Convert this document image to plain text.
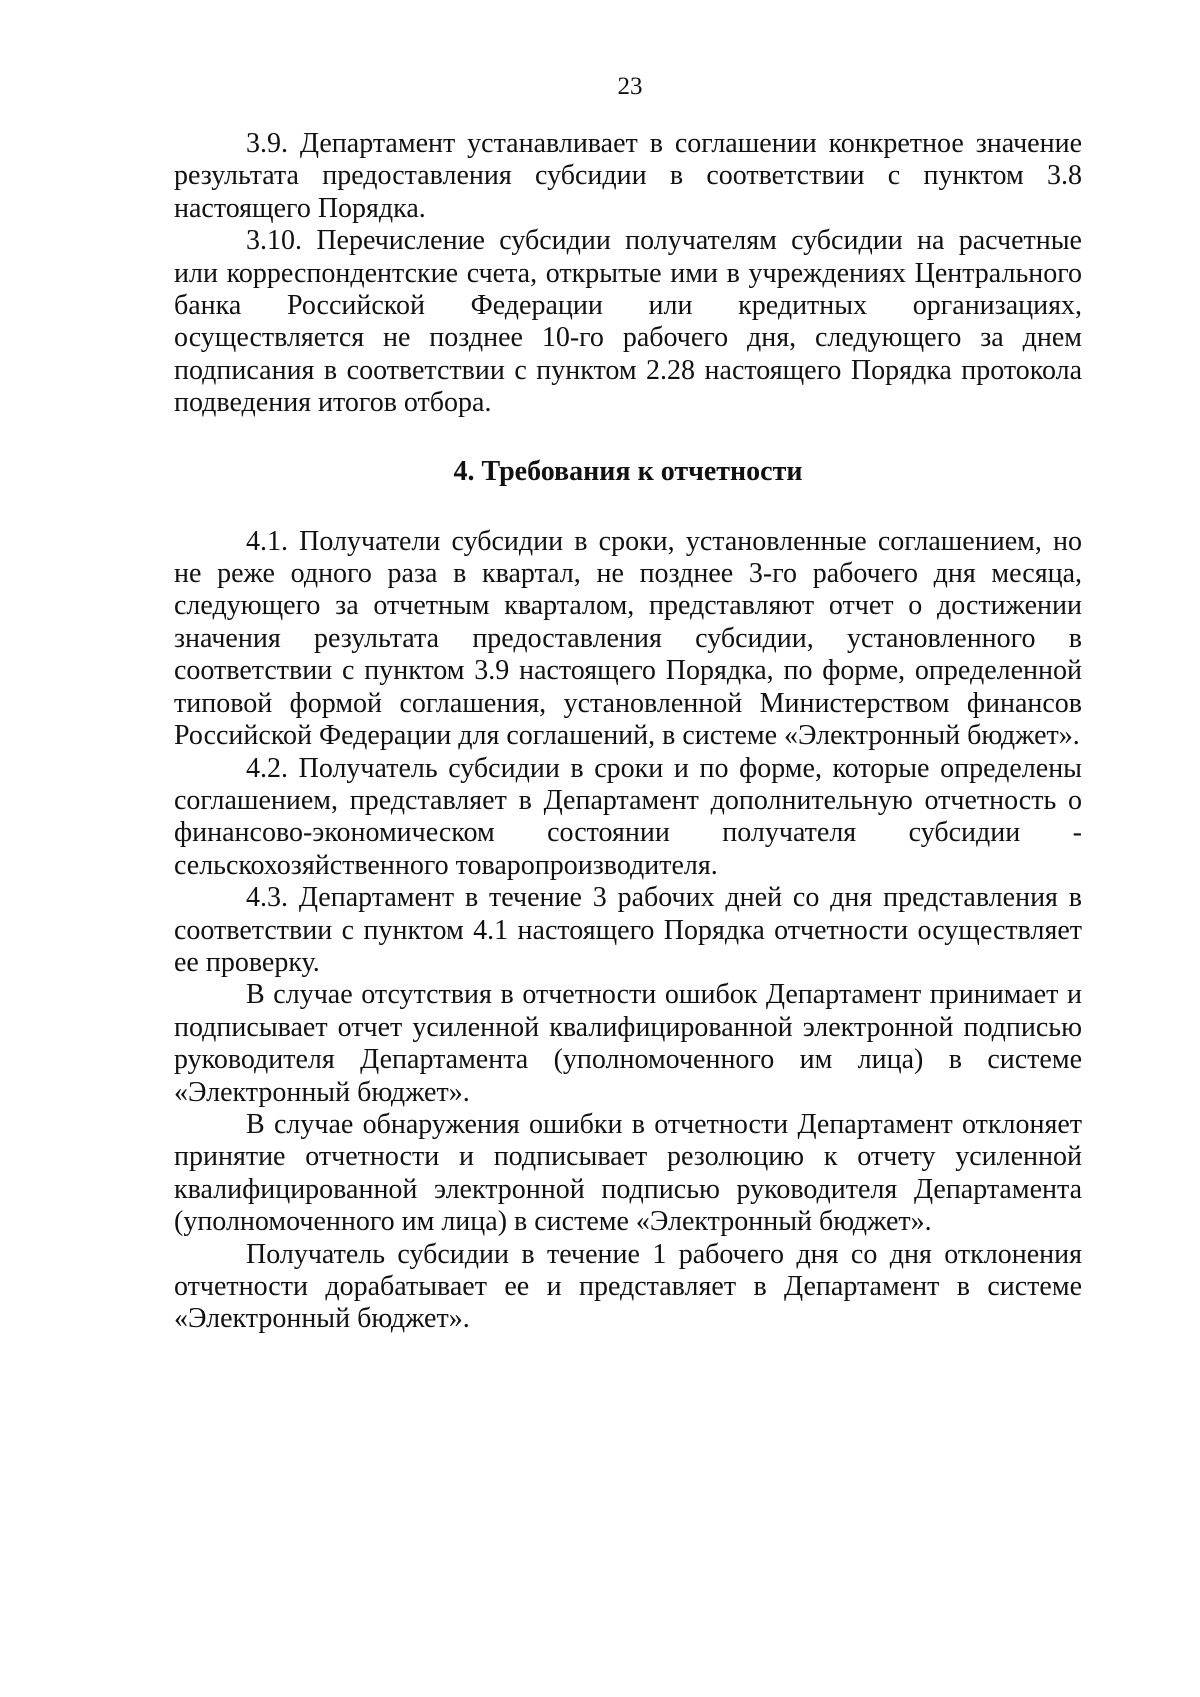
23

3.9. Департамент устанавливает в соглашении конкретное значение результата предоставления субсидии в соответствии с пунктом 3.8 настоящего Порядка.

3.10. Перечисление субсидии получателям субсидии на расчетные или корреспондентские счета, открытые ими в учреждениях Центрального банка Российской Федерации или кредитных организациях, осуществляется не позднее 10-го рабочего дня, следующего за днем подписания в соответствии с пунктом 2.28 настоящего Порядка протокола подведения итогов отбора.

4. Требования к отчетности

4.1. Получатели субсидии в сроки, установленные соглашением, но не реже одного раза в квартал, не позднее 3-го рабочего дня месяца, следующего за отчетным кварталом, представляют отчет о достижении значения результата предоставления субсидии, установленного в соответствии с пунктом 3.9 настоящего Порядка, по форме, определенной типовой формой соглашения, установленной Министерством финансов Российской Федерации для соглашений, в системе «Электронный бюджет».

4.2. Получатель субсидии в сроки и по форме, которые определены соглашением, представляет в Департамент дополнительную отчетность о финансово-экономическом состоянии получателя субсидии - сельскохозяйственного товаропроизводителя.

4.3. Департамент в течение 3 рабочих дней со дня представления в соответствии с пунктом 4.1 настоящего Порядка отчетности осуществляет ее проверку.

В случае отсутствия в отчетности ошибок Департамент принимает и подписывает отчет усиленной квалифицированной электронной подписью руководителя Департамента (уполномоченного им лица) в системе «Электронный бюджет».

В случае обнаружения ошибки в отчетности Департамент отклоняет принятие отчетности и подписывает резолюцию к отчету усиленной квалифицированной электронной подписью руководителя Департамента (уполномоченного им лица) в системе «Электронный бюджет».

Получатель субсидии в течение 1 рабочего дня со дня отклонения отчетности дорабатывает ее и представляет в Департамент в системе «Электронный бюджет».
